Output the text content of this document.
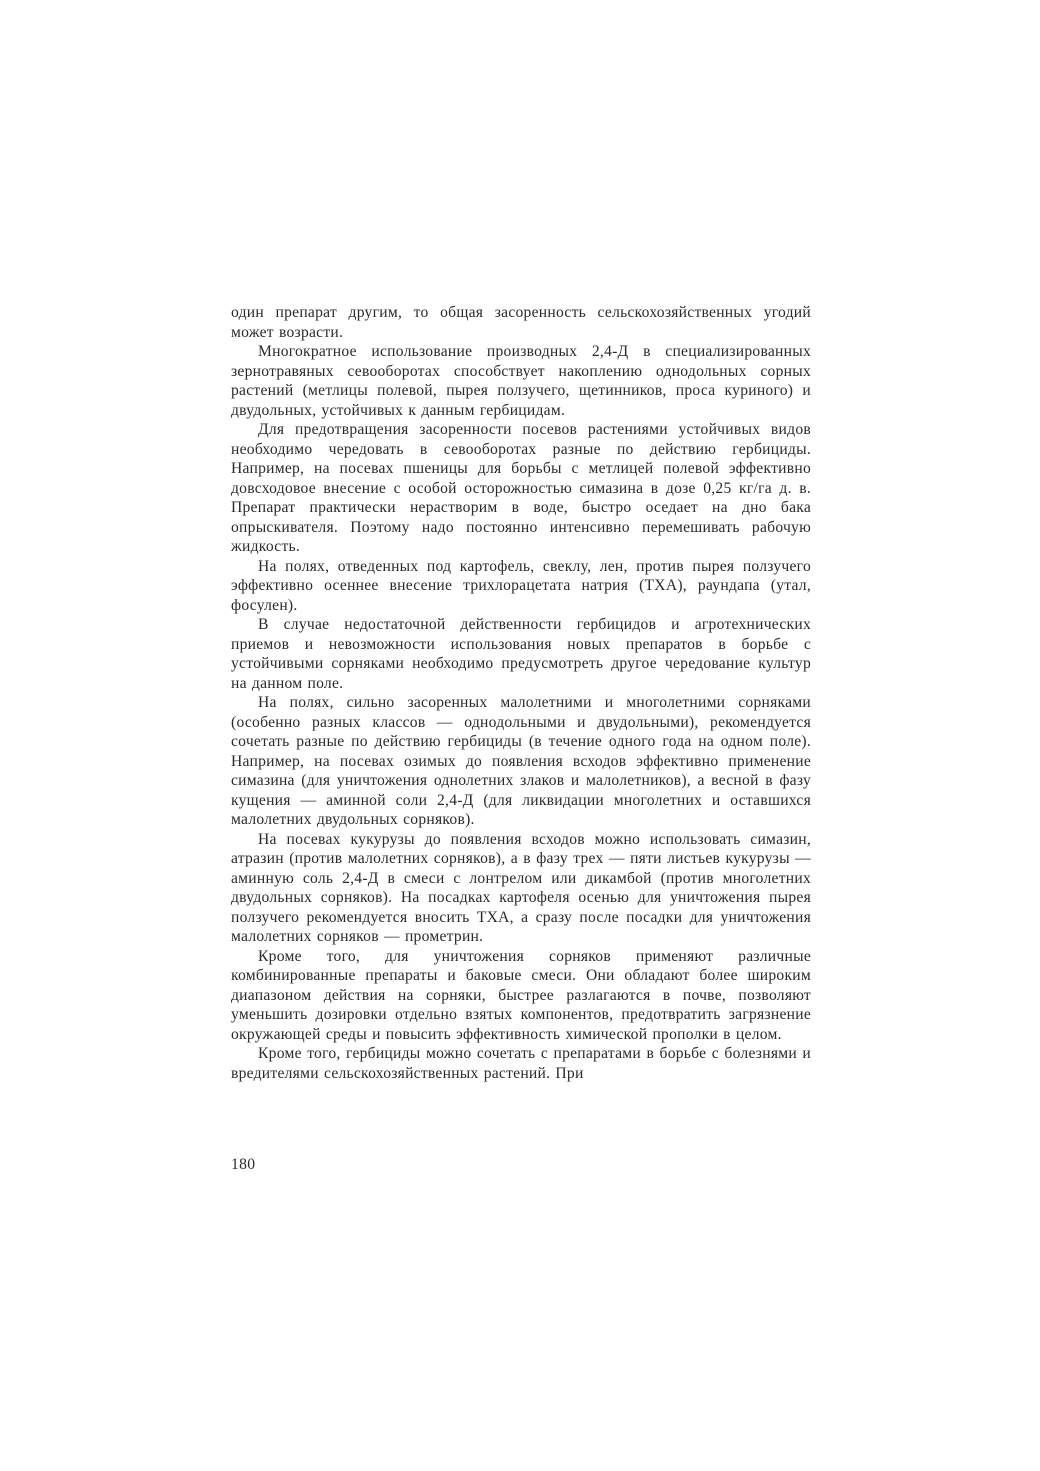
один препарат другим, то общая засоренность сельскохозяйственных угодий может возрасти.

Многократное использование производных 2,4-Д в специализированных зернотравяных севооборотах способствует накоплению однодольных сорных растений (метлицы полевой, пырея ползучего, щетинников, проса куриного) и двудольных, устойчивых к данным гербицидам.

Для предотвращения засоренности посевов растениями устойчивых видов необходимо чередовать в севооборотах разные по действию гербициды. Например, на посевах пшеницы для борьбы с метлицей полевой эффективно довсходовое внесение с особой осторожностью симазина в дозе 0,25 кг/га д. в. Препарат практически нерастворим в воде, быстро оседает на дно бака опрыскивателя. Поэтому надо постоянно интенсивно перемешивать рабочую жидкость.

На полях, отведенных под картофель, свеклу, лен, против пырея ползучего эффективно осеннее внесение трихлорацетата натрия (ТХА), раундапа (утал, фосулен).

В случае недостаточной действенности гербицидов и агротехнических приемов и невозможности использования новых препаратов в борьбе с устойчивыми сорняками необходимо предусмотреть другое чередование культур на данном поле.

На полях, сильно засоренных малолетними и многолетними сорняками (особенно разных классов — однодольными и двудольными), рекомендуется сочетать разные по действию гербициды (в течение одного года на одном поле). Например, на посевах озимых до появления всходов эффективно применение симазина (для уничтожения однолетних злаков и малолетников), а весной в фазу кущения — аминной соли 2,4-Д (для ликвидации многолетних и оставшихся малолетних двудольных сорняков).

На посевах кукурузы до появления всходов можно использовать симазин, атразин (против малолетних сорняков), а в фазу трех — пяти листьев кукурузы — аминную соль 2,4-Д в смеси с лонтрелом или дикамбой (против многолетних двудольных сорняков). На посадках картофеля осенью для уничтожения пырея ползучего рекомендуется вносить ТХА, а сразу после посадки для уничтожения малолетних сорняков — прометрин.

Кроме того, для уничтожения сорняков применяют различные комбинированные препараты и баковые смеси. Они обладают более широким диапазоном действия на сорняки, быстрее разлагаются в почве, позволяют уменьшить дозировки отдельно взятых компонентов, предотвратить загрязнение окружающей среды и повысить эффективность химической прополки в целом.

Кроме того, гербициды можно сочетать с препаратами в борьбе с болезнями и вредителями сельскохозяйственных растений. При

180
